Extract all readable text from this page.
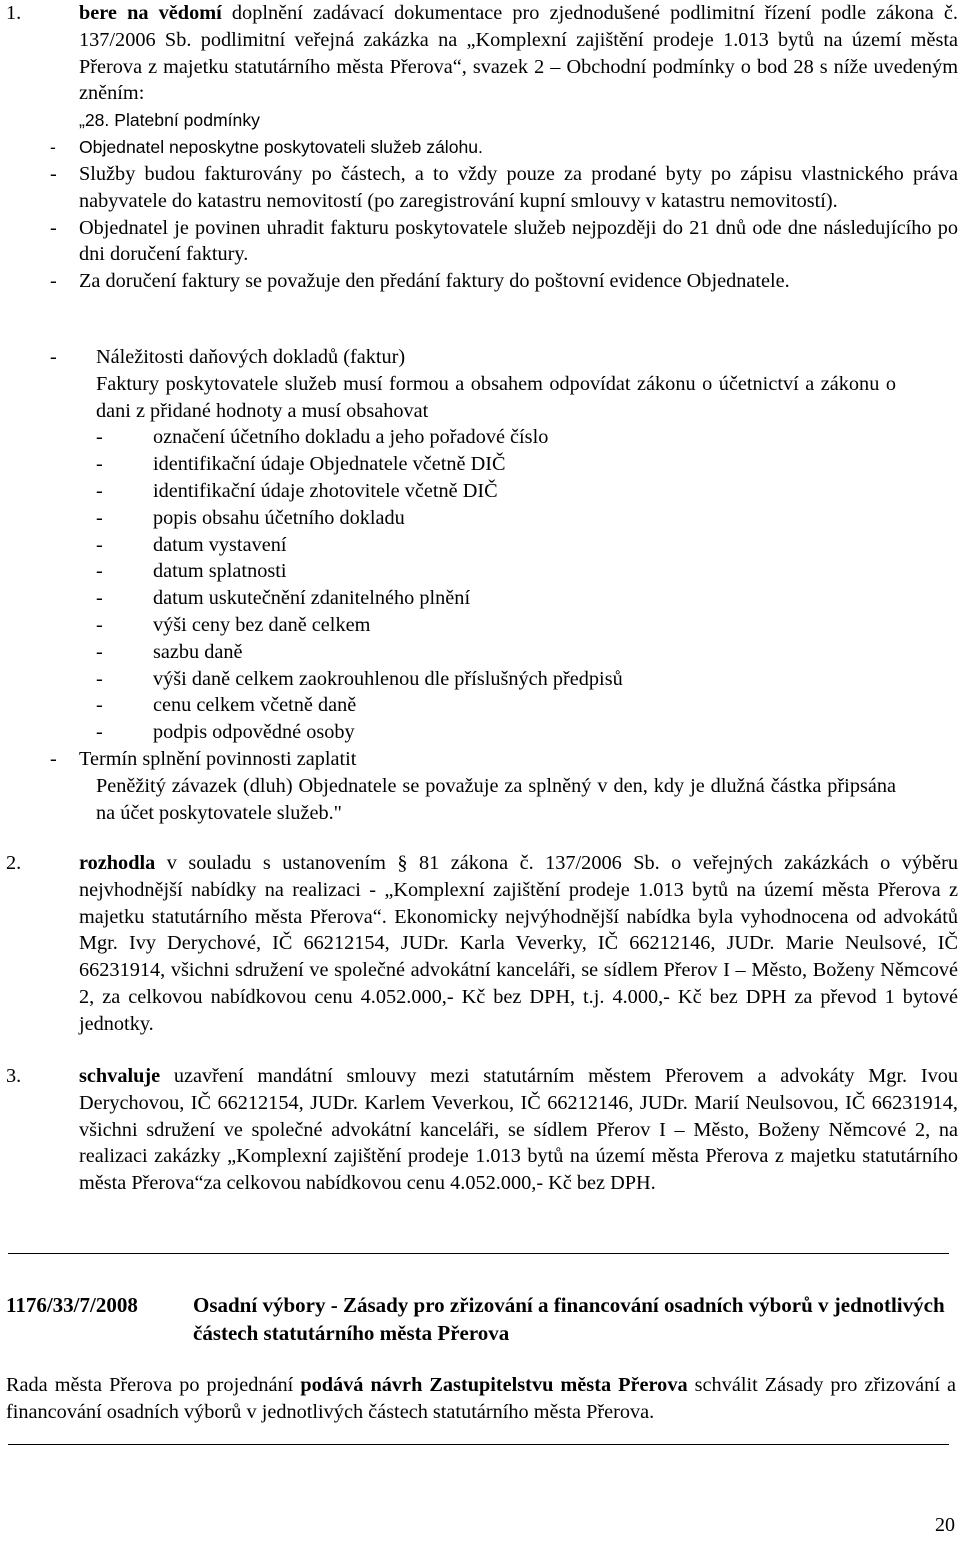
1.	bere na vědomí doplnění zadávací dokumentace pro zjednodušené podlimitní řízení podle zákona č. 137/2006 Sb. podlimitní veřejná zakázka na „Komplexní zajištění prodeje 1.013 bytů na území města Přerova z majetku statutárního města Přerova“, svazek 2 – Obchodní podmínky o bod 28 s níže uvedeným zněním:
„28. Platební podmínky
- Objednatel neposkytne poskytovateli služeb zálohu.
- Služby budou fakturovány po částech, a to vždy pouze za prodané byty po zápisu vlastnického práva nabyvatele do katastru nemovitostí (po zaregistrování kupní smlouvy v katastru nemovitostí).
- Objednatel je povinen uhradit fakturu poskytovatele služeb nejpozději do 21 dnů ode dne následujícího po dni doručení faktury.
- Za doručení faktury se považuje den předání faktury do poštovní evidence Objednatele.
- Náležitosti daňových dokladů (faktur)
Faktury poskytovatele služeb musí formou a obsahem odpovídat zákonu o účetnictví a zákonu o dani z přidané hodnoty a musí obsahovat
- označení účetního dokladu a jeho pořadové číslo
- identifikační údaje Objednatele včetně DIČ
- identifikační údaje zhotovitele včetně DIČ
- popis obsahu účetního dokladu
- datum vystavení
- datum splatnosti
- datum uskutečnění zdanitelného plnění
- výši ceny bez daně celkem
- sazbu daně
- výši daně celkem zaokrouhlenou dle příslušných předpisů
- cenu celkem včetně daně
- podpis odpovědné osoby
- Termín splnění povinnosti zaplatit
Peněžitý závazek (dluh) Objednatele se považuje za splněný v den, kdy je dlužná částka připsána na účet poskytovatele služeb."
2.	rozhodla v souladu s ustanovením § 81 zákona č. 137/2006 Sb. o veřejných zakázkách o výběru nejvhodnější nabídky na realizaci - „Komplexní zajištění prodeje 1.013 bytů na území města Přerova z majetku statutárního města Přerova“. Ekonomicky nejvýhodnější nabídka byla vyhodnocena od advokátů Mgr. Ivy Derychové, IČ 66212154, JUDr. Karla Veverky, IČ 66212146, JUDr. Marie Neulsové, IČ 66231914, všichni sdružení ve společné advokátní kanceláři, se sídlem Přerov I – Město, Boženy Němcové 2, za celkovou nabídkovou cenu 4.052.000,- Kč bez DPH, t.j. 4.000,- Kč bez DPH za převod 1 bytové jednotky.
3.	schvaluje uzavření mandátní smlouvy mezi statutárním městem Přerovem a advokáty Mgr. Ivou Derychovou, IČ 66212154, JUDr. Karlem Veverkou, IČ 66212146, JUDr. Marií Neulsovou, IČ 66231914, všichni sdružení ve společné advokátní kanceláři, se sídlem Přerov I – Město, Boženy Němcové 2, na realizaci zakázky „Komplexní zajištění prodeje 1.013 bytů na území města Přerova z majetku statutárního města Přerova“za celkovou nabídkovou cenu 4.052.000,- Kč bez DPH.
1176/33/7/2008	Osadní výbory - Zásady pro zřizování a financování osadních výborů v jednotlivých částech statutárního města Přerova
Rada města Přerova po projednání podává návrh Zastupitelstvu města Přerova schválit Zásady pro zřizování a financování osadních výborů v jednotlivých částech statutárního města Přerova.
20
